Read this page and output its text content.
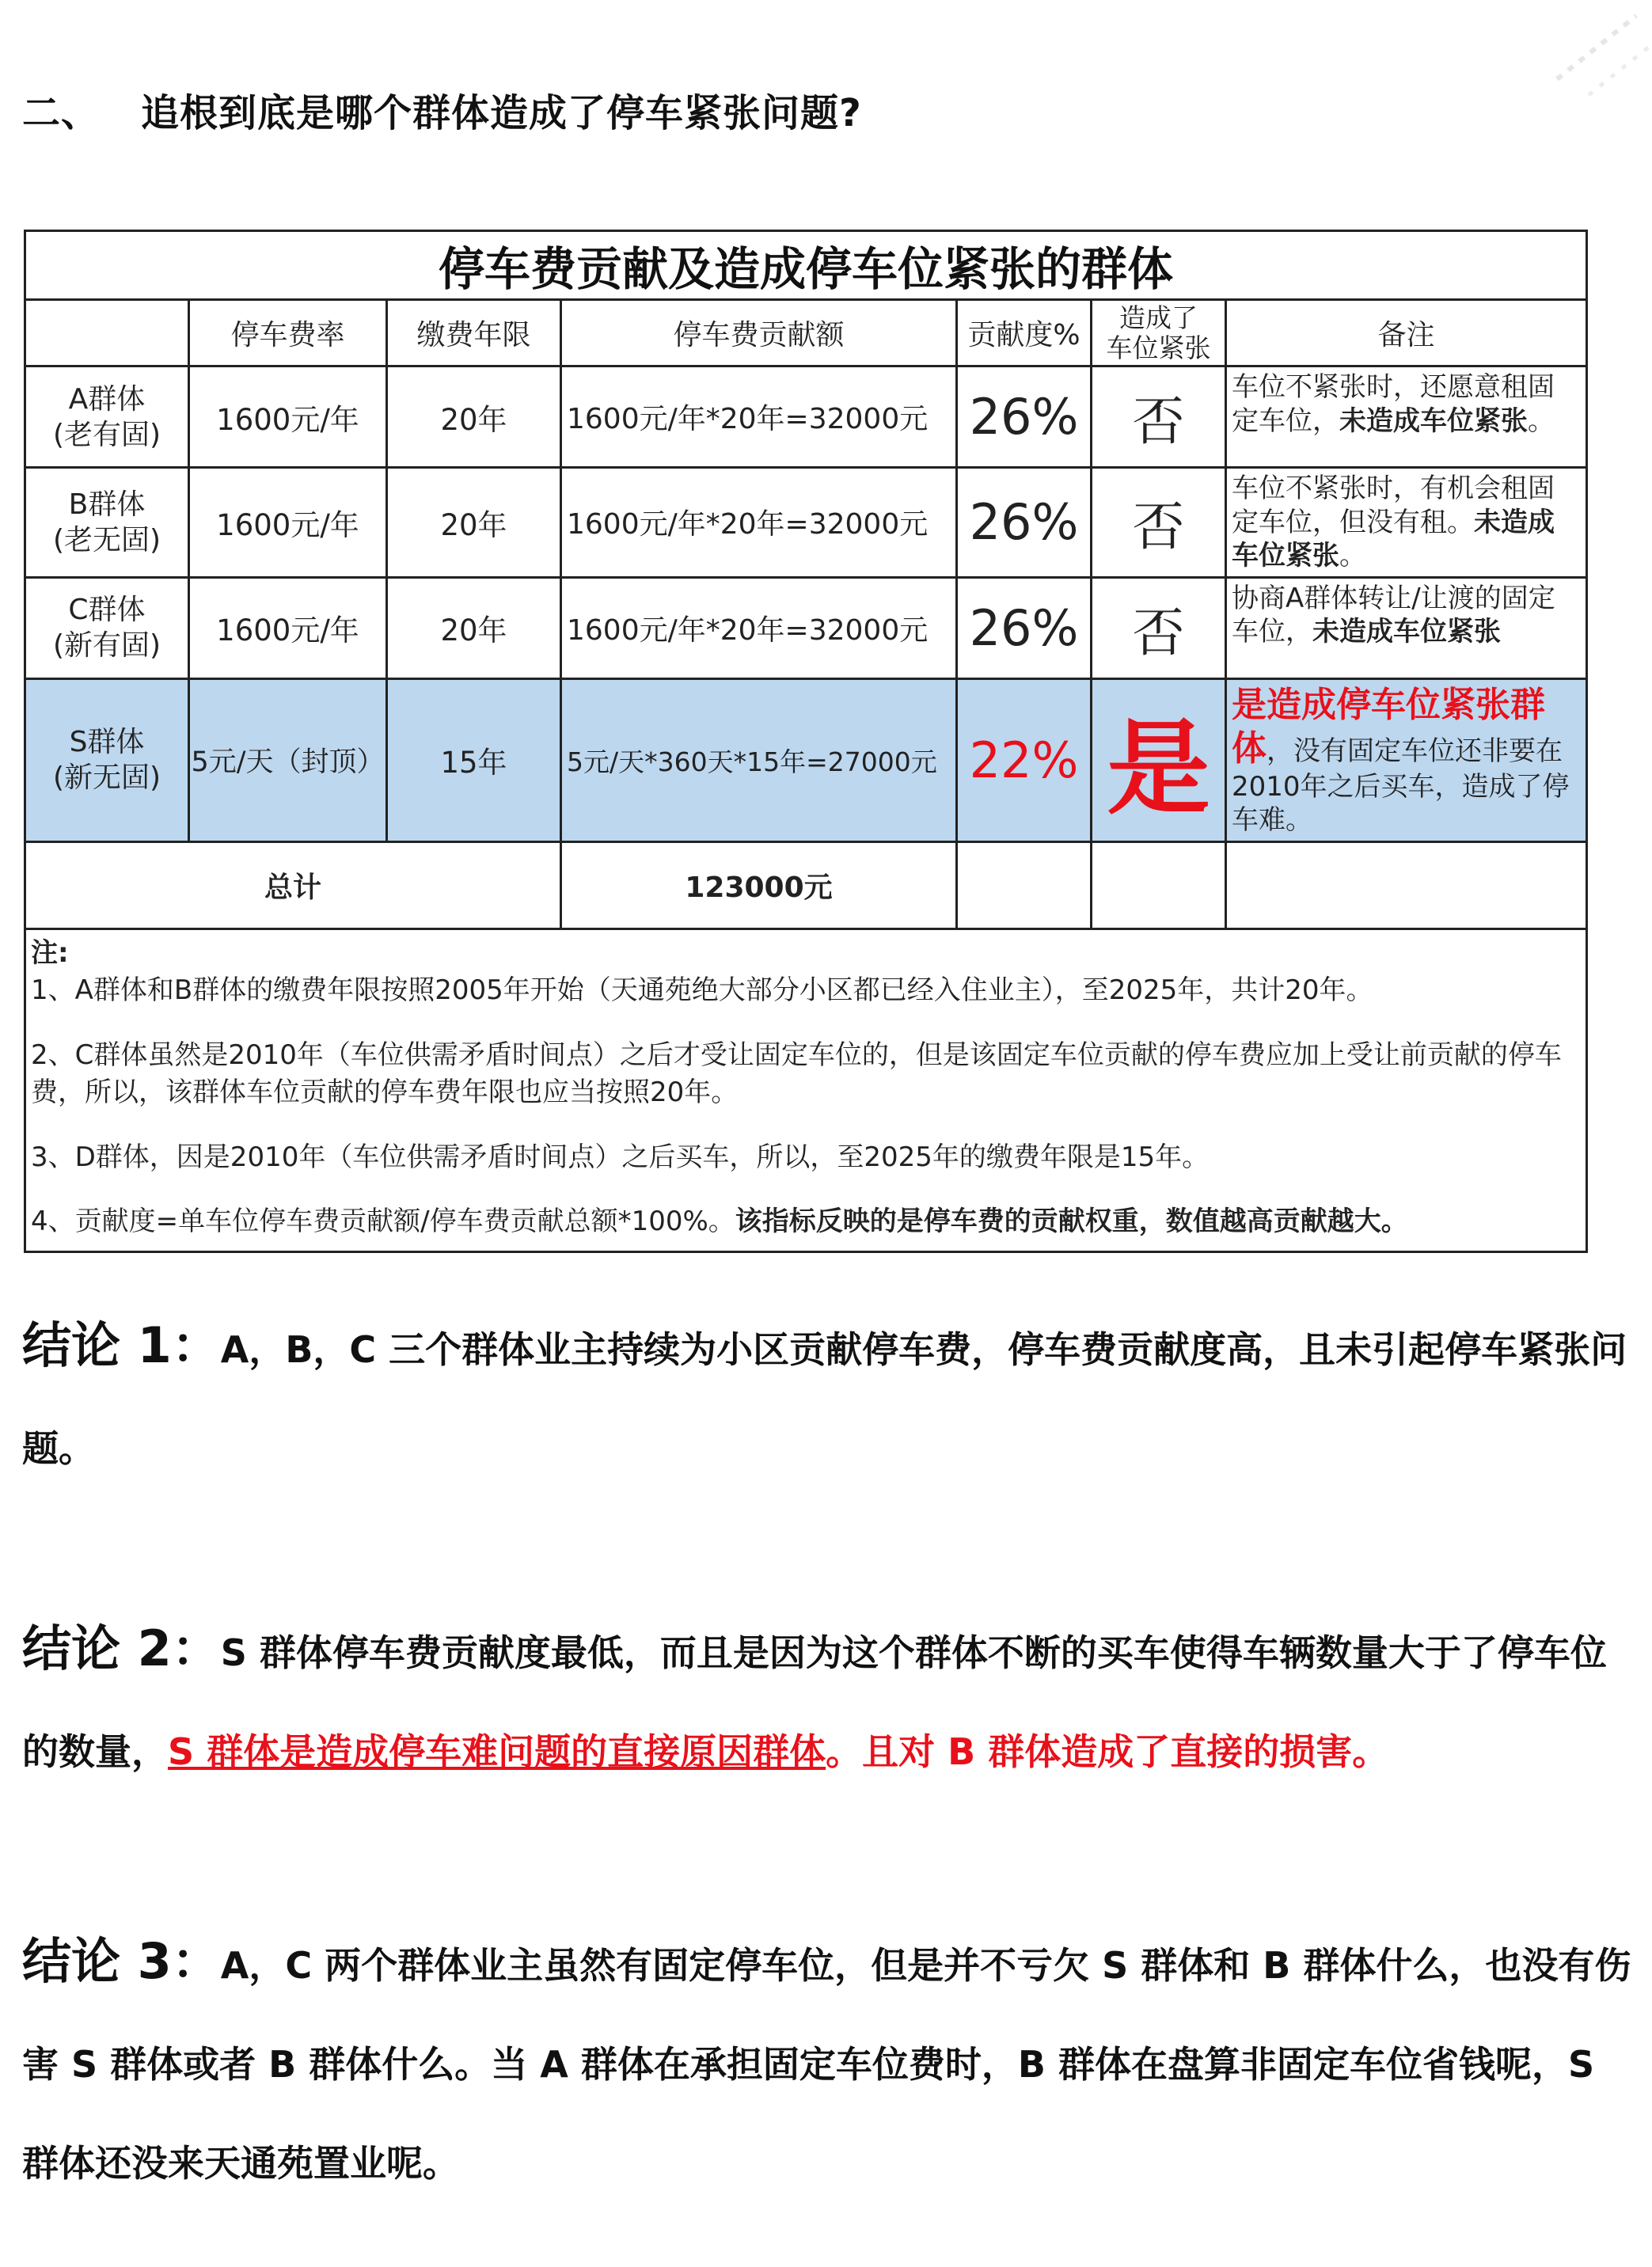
二、 追根到底是哪个群体造成了停车紧张问题?
停车费贡献及造成停车位紧张的群体						
	停车费率	缴费年限	停车费贡献额	贡献度%	造成了
车位紧张	备注
A群体
(老有固)	1600元/年	20年	1600元/年*20年=32000元	26%	否	车位不紧张时，还愿意租固定车位，未造成车位紧张。
B群体
(老无固)	1600元/年	20年	1600元/年*20年=32000元	26%	否	车位不紧张时，有机会租固定车位，但没有租。未造成车位紧张。
C群体
(新有固)	1600元/年	20年	1600元/年*20年=32000元	26%	否	协商A群体转让/让渡的固定车位，未造成车位紧张
S群体
(新无固)	5元/天（封顶）	15年	5元/天*360天*15年=27000元	22%	是	是造成停车位紧张群体，没有固定车位还非要在2010年之后买车，造成了停车难。
总计			123000元			

注:
1、A群体和B群体的缴费年限按照2005年开始（天通苑绝大部分小区都已经入住业主），至2025年，共计20年。
2、C群体虽然是2010年（车位供需矛盾时间点）之后才受让固定车位的，但是该固定车位贡献的停车费应加上受让前贡献的停车费，所以，该群体车位贡献的停车费年限也应当按照20年。
3、D群体，因是2010年（车位供需矛盾时间点）之后买车，所以，至2025年的缴费年限是15年。
4、贡献度=单车位停车费贡献额/停车费贡献总额*100%。该指标反映的是停车费的贡献权重，数值越高贡献越大。						
结论 1：A，B，C 三个群体业主持续为小区贡献停车费，停车费贡献度高，且未引起停车紧张问题。
结论 2：S 群体停车费贡献度最低，而且是因为这个群体不断的买车使得车辆数量大于了停车位的数量，S 群体是造成停车难问题的直接原因群体。且对 B 群体造成了直接的损害。
结论 3：A，C 两个群体业主虽然有固定停车位，但是并不亏欠 S 群体和 B 群体什么，也没有伤害 S 群体或者 B 群体什么。当 A 群体在承担固定车位费时，B 群体在盘算非固定车位省钱呢，S 群体还没来天通苑置业呢。
